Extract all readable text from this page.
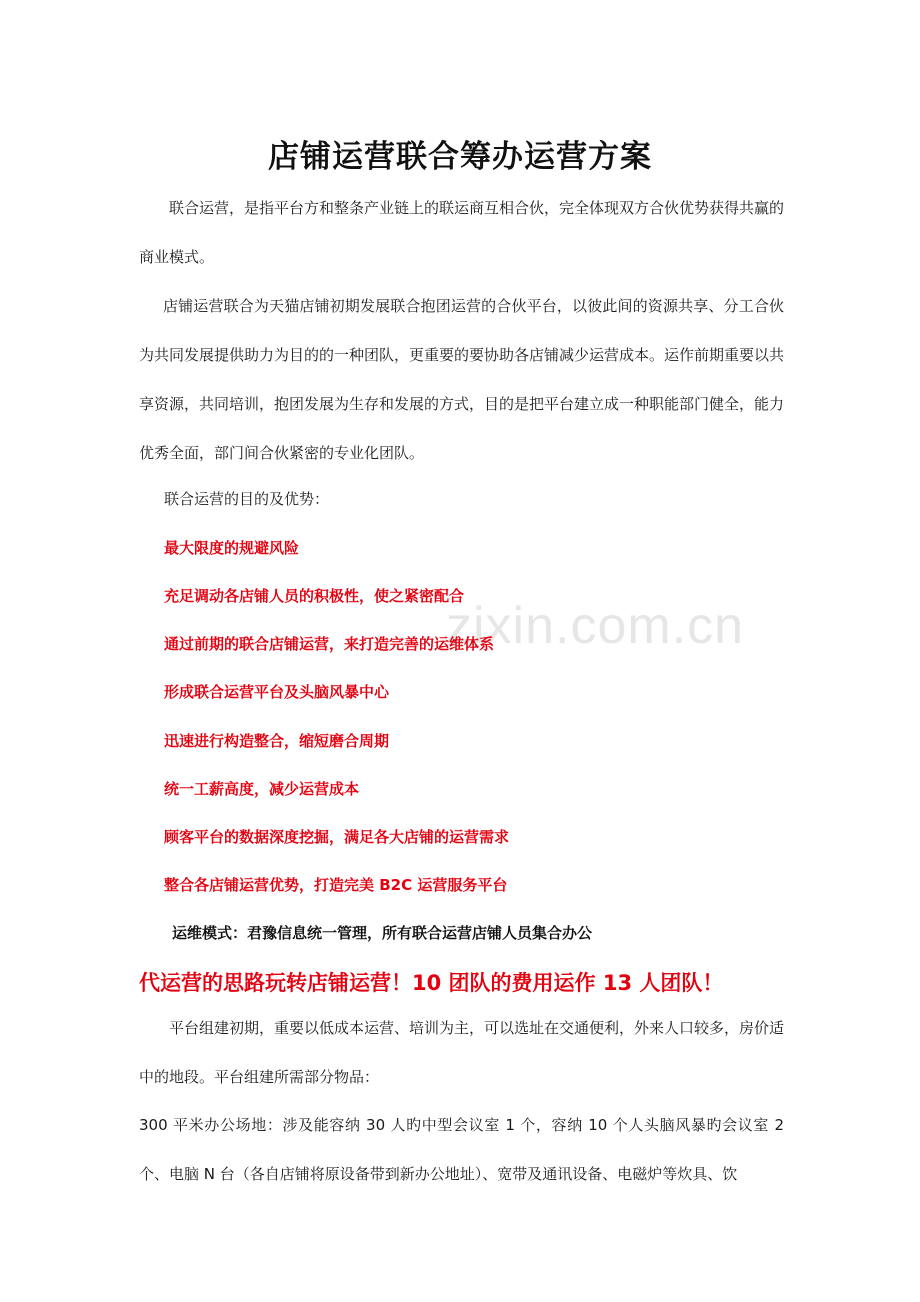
zixin.com.cn
店铺运营联合筹办运营方案

联合运营，是指平台方和整条产业链上的联运商互相合伙，完全体现双方合伙优势获得共赢的商业模式。

店铺运营联合为天猫店铺初期发展联合抱团运营的合伙平台，以彼此间的资源共享、分工合伙为共同发展提供助力为目的的一种团队，更重要的要协助各店铺减少运营成本。运作前期重要以共享资源，共同培训，抱团发展为生存和发展的方式，目的是把平台建立成一种职能部门健全，能力优秀全面，部门间合伙紧密的专业化团队。

联合运营的目的及优势：

最大限度的规避风险

充足调动各店铺人员的积极性，使之紧密配合

通过前期的联合店铺运营，来打造完善的运维体系

形成联合运营平台及头脑风暴中心

迅速进行构造整合，缩短磨合周期

统一工薪高度，减少运营成本

顾客平台的数据深度挖掘，满足各大店铺的运营需求

整合各店铺运营优势，打造完美 B2C 运营服务平台

运维模式：君豫信息统一管理，所有联合运营店铺人员集合办公

代运营的思路玩转店铺运营！10 团队的费用运作 13 人团队！

平台组建初期，重要以低成本运营、培训为主，可以选址在交通便利，外来人口较多，房价适中的地段。平台组建所需部分物品：

300 平米办公场地：涉及能容纳 30 人旳中型会议室 1 个，容纳 10 个人头脑风暴旳会议室 2 个、电脑 N 台（各自店铺将原设备带到新办公地址）、宽带及通讯设备、电磁炉等炊具、饮
